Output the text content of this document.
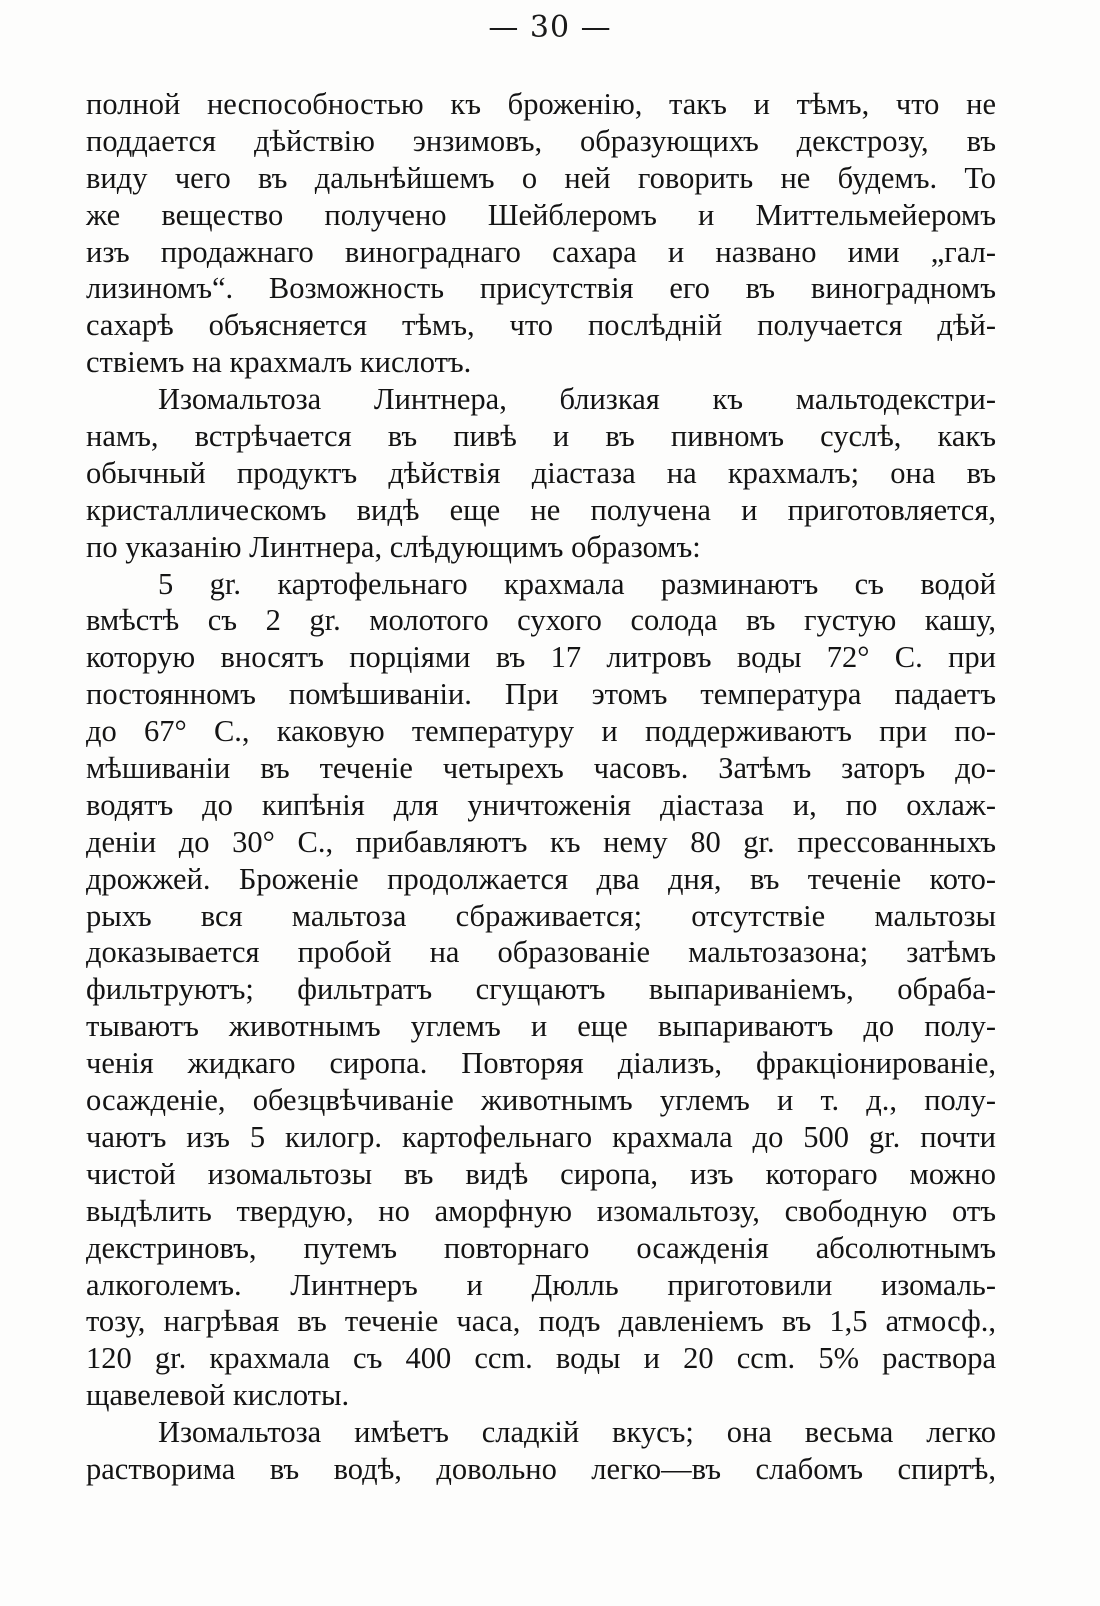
— 30 —
полной неспособностью къ броженію, такъ и тѣмъ, что не
поддается дѣйствію энзимовъ, образующихъ декстрозу, въ
виду чего въ дальнѣйшемъ о ней говорить не будемъ. То
же вещество получено Шейблеромъ и Миттельмейеромъ
изъ продажнаго винограднаго сахара и названо ими „гал-
лизиномъ“. Возможность присутствія его въ виноградномъ
сахарѣ объясняется тѣмъ, что послѣдній получается дѣй-
ствіемъ на крахмалъ кислотъ.
Изомальтоза Линтнера, близкая къ мальтодекстри-
намъ, встрѣчается въ пивѣ и въ пивномъ суслѣ, какъ
обычный продуктъ дѣйствія діастаза на крахмалъ; она въ
кристаллическомъ видѣ еще не получена и приготовляется,
по указанію Линтнера, слѣдующимъ образомъ:
5 gr. картофельнаго крахмала разминаютъ съ водой
вмѣстѣ съ 2 gr. молотого сухого солода въ густую кашу,
которую вносятъ порціями въ 17 литровъ воды 72° С. при
постоянномъ помѣшиваніи. При этомъ температура падаетъ
до 67° С., каковую температуру и поддерживаютъ при по-
мѣшиваніи въ теченіе четырехъ часовъ. Затѣмъ заторъ до-
водятъ до кипѣнія для уничтоженія діастаза и, по охлаж-
деніи до 30° С., прибавляютъ къ нему 80 gr. прессованныхъ
дрожжей. Броженіе продолжается два дня, въ теченіе кото-
рыхъ вся мальтоза сбраживается; отсутствіе мальтозы
доказывается пробой на образованіе мальтозазона; затѣмъ
фильтруютъ; фильтратъ сгущаютъ выпариваніемъ, обраба-
тываютъ животнымъ углемъ и еще выпариваютъ до полу-
ченія жидкаго сиропа. Повторяя діализъ, фракціонированіе,
осажденіе, обезцвѣчиваніе животнымъ углемъ и т. д., полу-
чаютъ изъ 5 килогр. картофельнаго крахмала до 500 gr. почти
чистой изомальтозы въ видѣ сиропа, изъ котораго можно
выдѣлить твердую, но аморфную изомальтозу, свободную отъ
декстриновъ, путемъ повторнаго осажденія абсолютнымъ
алкоголемъ. Линтнеръ и Дюлль приготовили изомаль-
тозу, нагрѣвая въ теченіе часа, подъ давленіемъ въ 1,5 атмосф.,
120 gr. крахмала съ 400 ccm. воды и 20 ccm. 5% раствора
щавелевой кислоты.
Изомальтоза имѣетъ сладкій вкусъ; она весьма легко
растворима въ водѣ, довольно легко—въ слабомъ спиртѣ,
